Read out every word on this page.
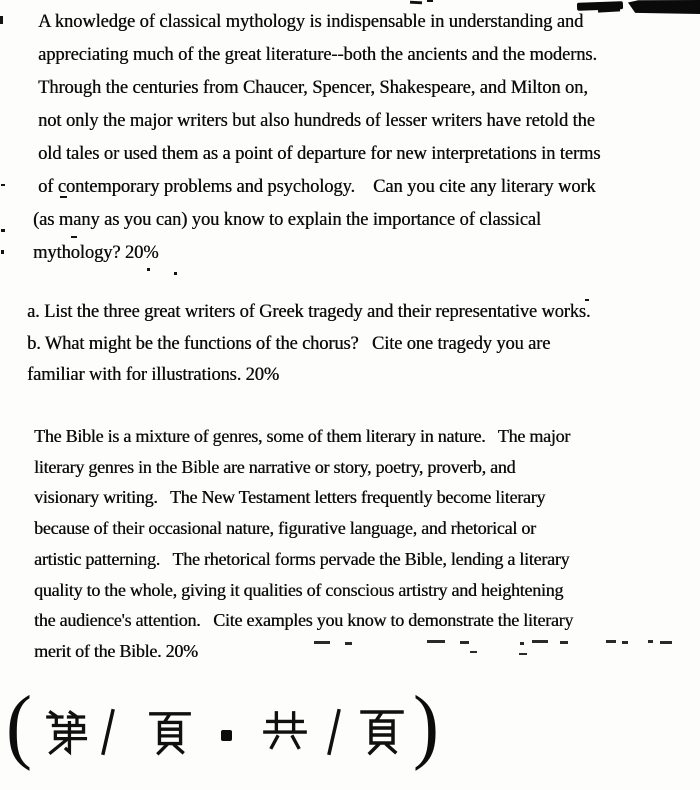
A knowledge of classical mythology is indispensable in understanding and
appreciating much of the great literature--both the ancients and the moderns.
Through the centuries from Chaucer, Spencer, Shakespeare, and Milton on,
not only the major writers but also hundreds of lesser writers have retold the
old tales or used them as a point of departure for new interpretations in terms
of contemporary problems and psychology.    Can you cite any literary work
(as many as you can) you know to explain the importance of classical
mythology? 20%
a. List the three great writers of Greek tragedy and their representative works.
b. What might be the functions of the chorus?   Cite one tragedy you are
familiar with for illustrations. 20%
The Bible is a mixture of genres, some of them literary in nature.   The major
literary genres in the Bible are narrative or story, poetry, proverb, and
visionary writing.   The New Testament letters frequently become literary
because of their occasional nature, figurative language, and rhetorical or
artistic patterning.   The rhetorical forms pervade the Bible, lending a literary
quality to the whole, giving it qualities of conscious artistry and heightening
the audience's attention.   Cite examples you know to demonstrate the literary
merit of the Bible. 20%
(	)
